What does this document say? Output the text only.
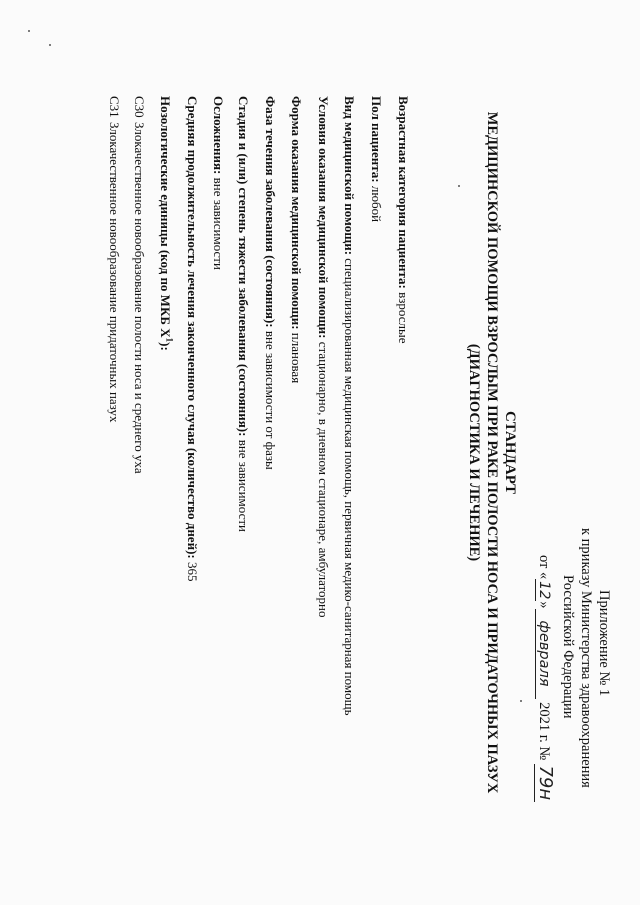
Приложение № 1
к приказу Министерства здравоохранения
Российской Федерации
от «12»февраля 2021 г. № 79н
СТАНДАРТ
МЕДИЦИНСКОЙ ПОМОЩИ ВЗРОСЛЫМ ПРИ РАКЕ ПОЛОСТИ НОСА И ПРИДАТОЧНЫХ ПАЗУХ
(ДИАГНОСТИКА И ЛЕЧЕНИЕ)
Возрастная категория пациента: взрослые
Пол пациента: любой
Вид медицинской помощи: специализированная медицинская помощь, первичная медико-санитарная помощь
Условия оказания медицинской помощи: стационарно, в дневном стационаре, амбулаторно
Форма оказания медицинской помощи: плановая
Фаза течения заболевания (состояния): вне зависимости от фазы
Стадия и (или) степень тяжести заболевания (состояния): вне зависимости
Осложнения: вне зависимости
Средняя продолжительность лечения законченного случая (количество дней): 365
Нозологические единицы (код по МКБ $X^1$):
C30Злокачественное новообразование полости носа и среднего уха
C31Злокачественное новообразование придаточных пазух
